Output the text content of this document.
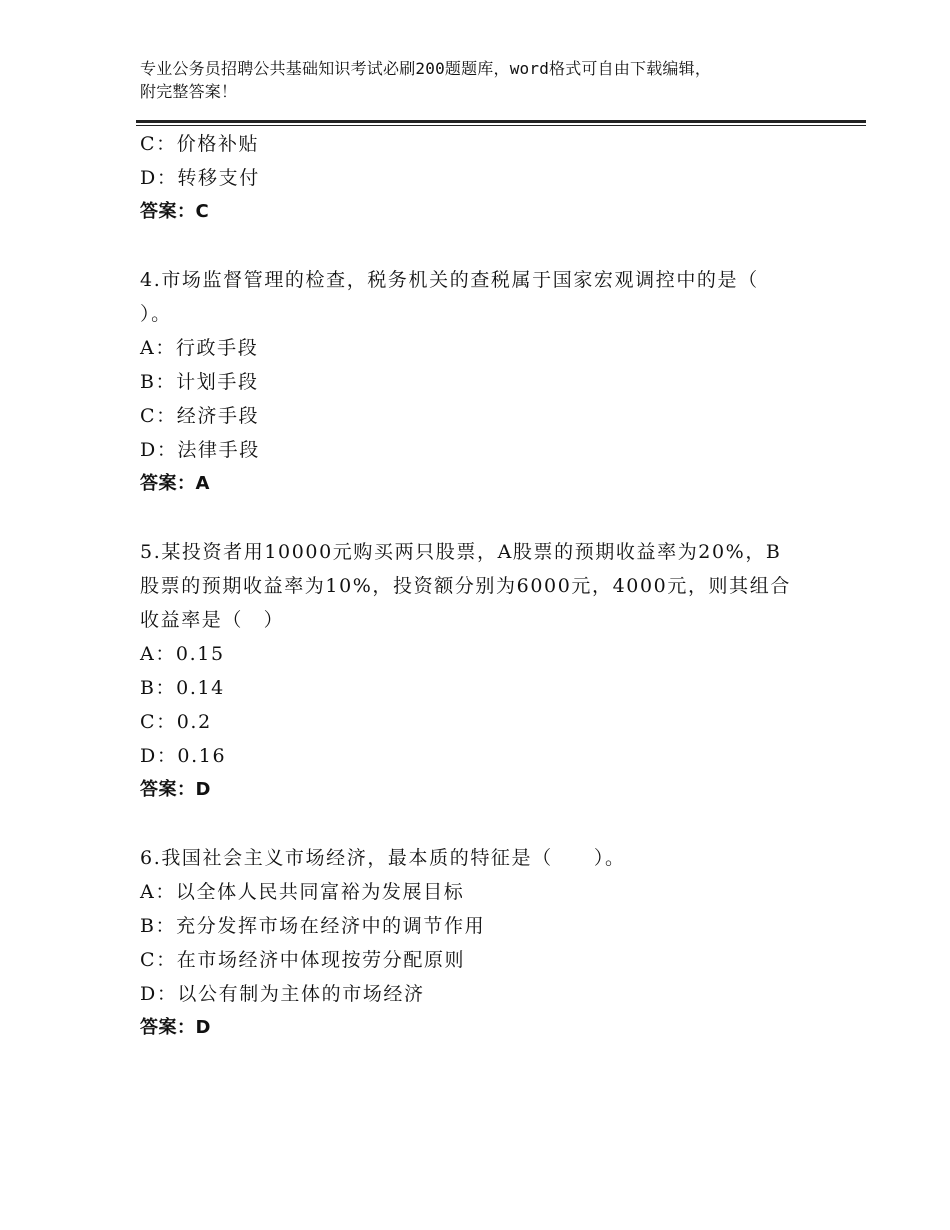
专业公务员招聘公共基础知识考试必刷200题题库，word格式可自由下载编辑，
附完整答案！
C：价格补贴
D：转移支付
答案：C
4.市场监督管理的检查，税务机关的查税属于国家宏观调控中的是（
）。
A：行政手段
B：计划手段
C：经济手段
D：法律手段
答案：A
5.某投资者用10000元购买两只股票，A股票的预期收益率为20%，B
股票的预期收益率为10%，投资额分别为6000元，4000元，则其组合
收益率是（　）
A：0.15
B：0.14
C：0.2
D：0.16
答案：D
6.我国社会主义市场经济，最本质的特征是（　　）。
A：以全体人民共同富裕为发展目标
B：充分发挥市场在经济中的调节作用
C：在市场经济中体现按劳分配原则
D：以公有制为主体的市场经济
答案：D
